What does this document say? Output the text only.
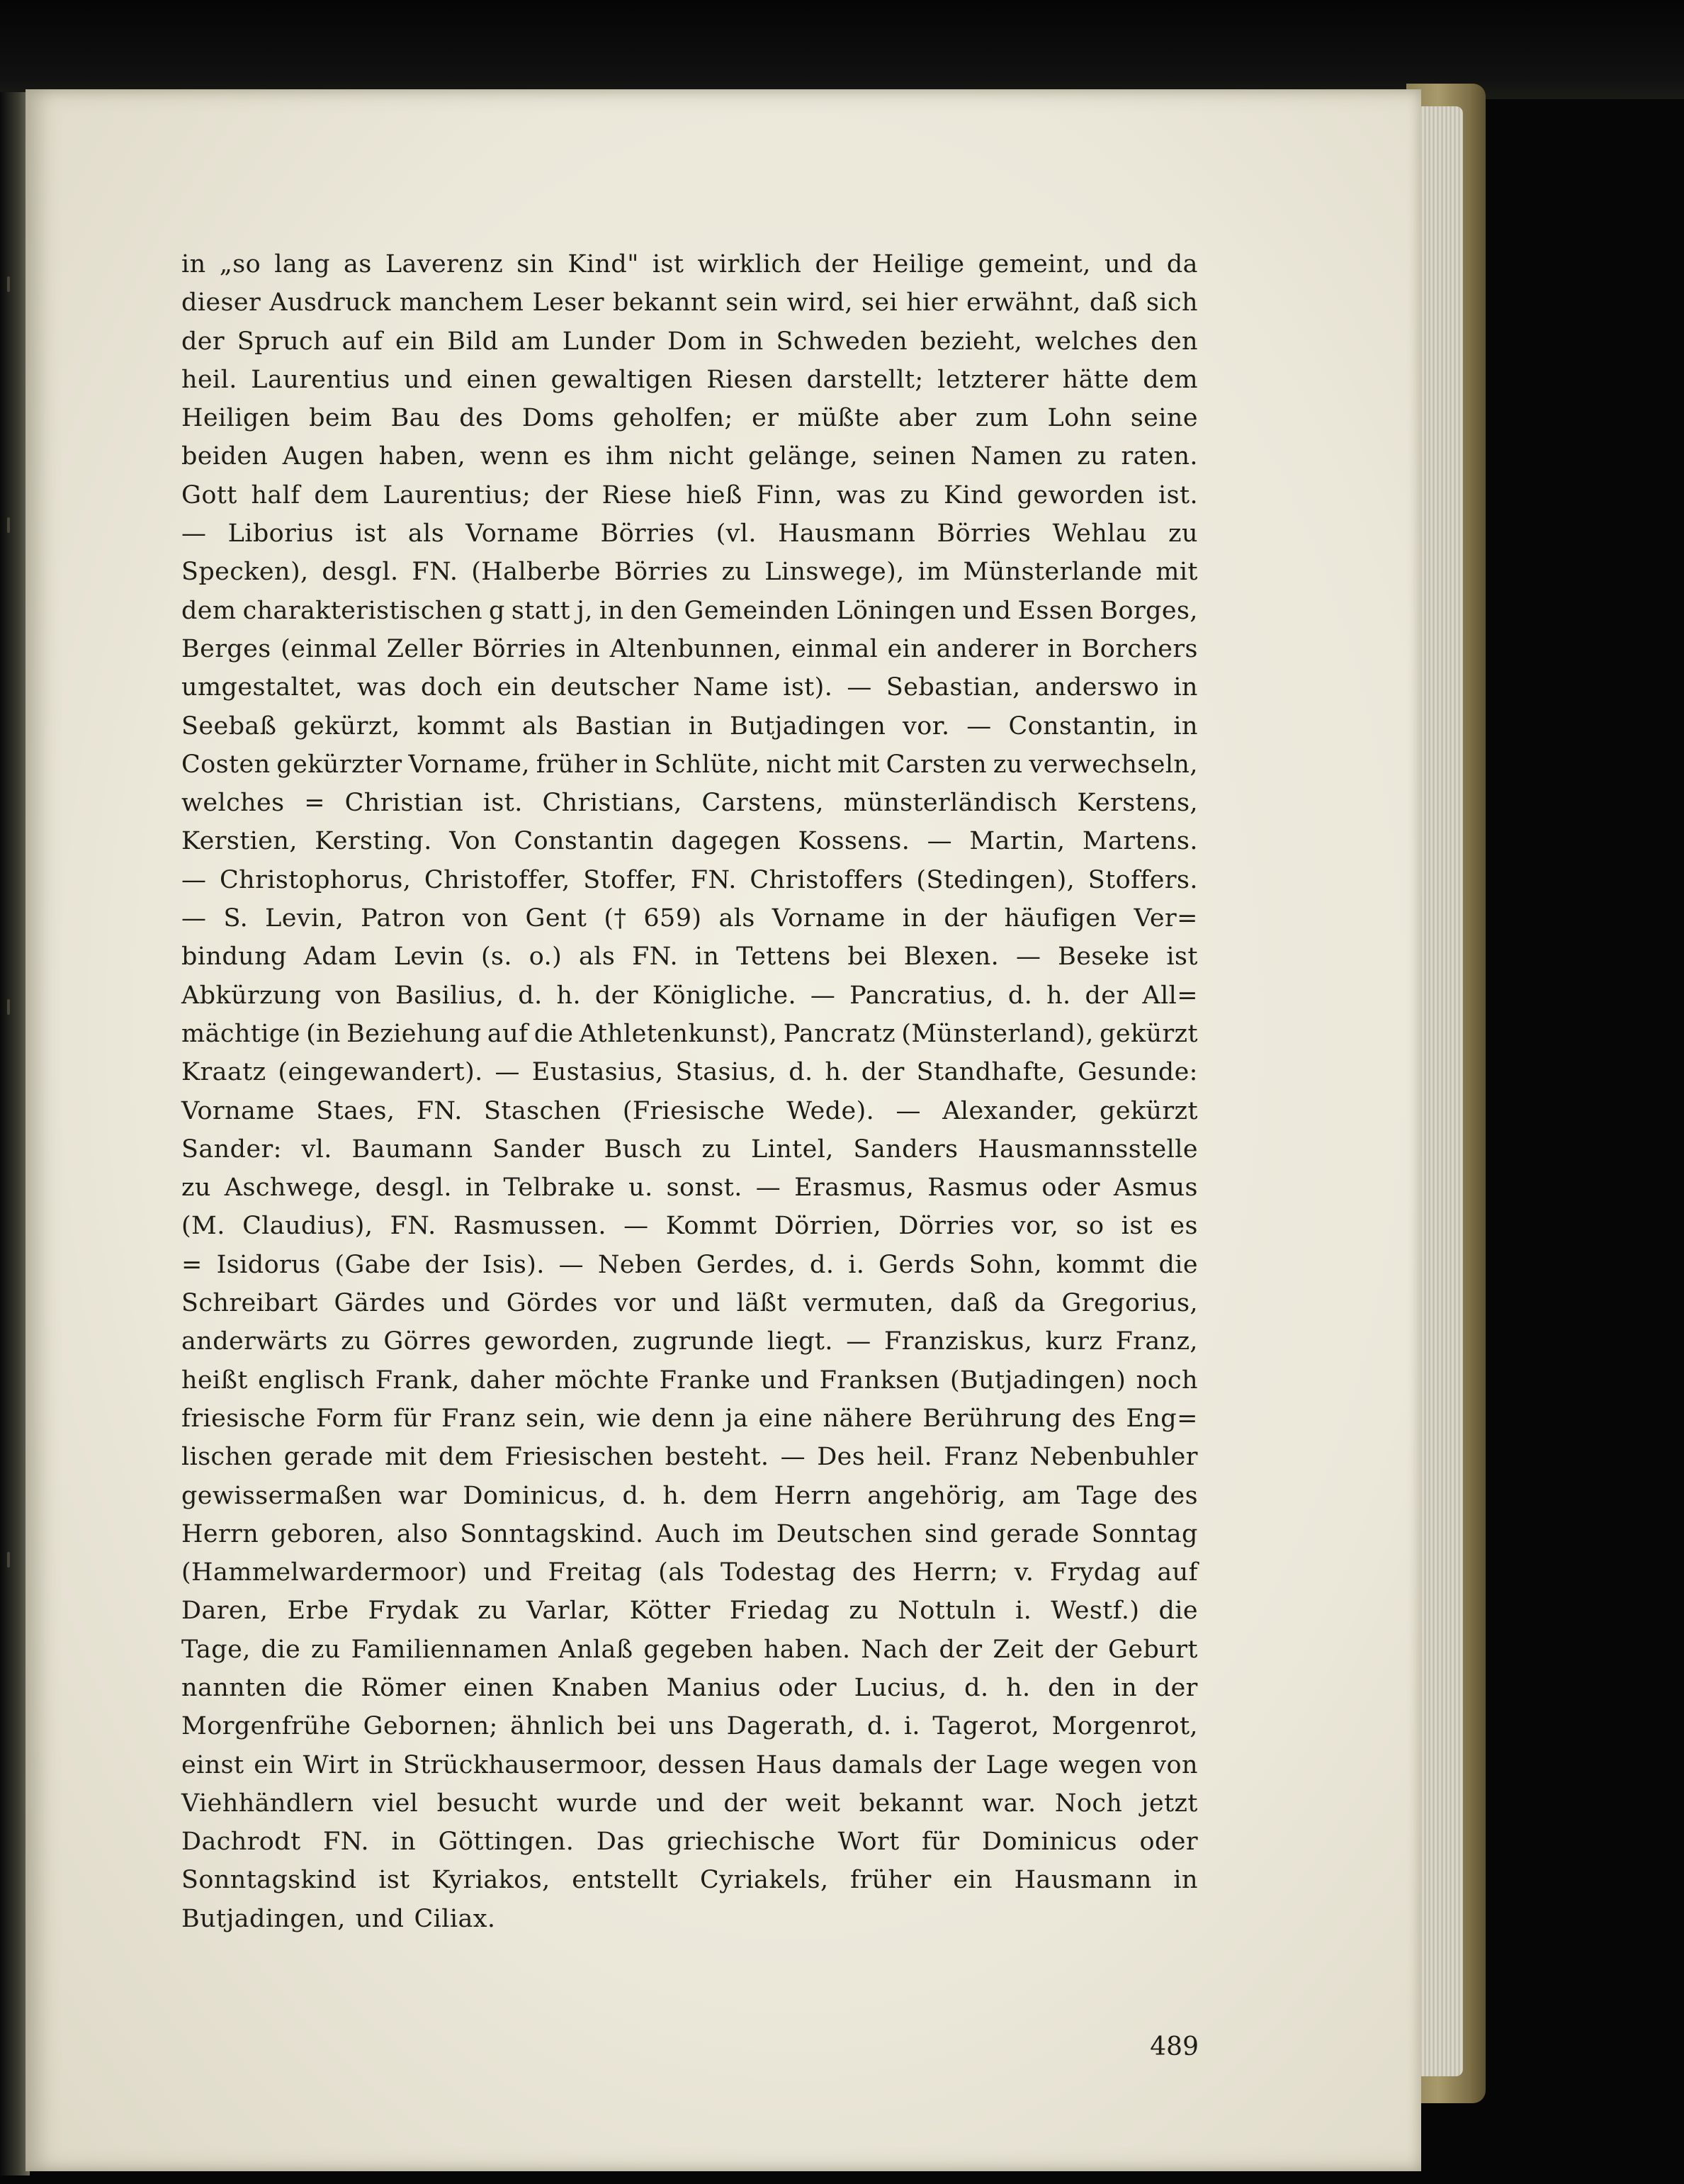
in „so lang as Laverenz sin Kind" ist wirklich der Heilige gemeint, und da
dieser Ausdruck manchem Leser bekannt sein wird, sei hier erwähnt, daß sich
der Spruch auf ein Bild am Lunder Dom in Schweden bezieht, welches den
heil. Laurentius und einen gewaltigen Riesen darstellt; letzterer hätte dem
Heiligen beim Bau des Doms geholfen; er müßte aber zum Lohn seine
beiden Augen haben, wenn es ihm nicht gelänge, seinen Namen zu raten.
Gott half dem Laurentius; der Riese hieß Finn, was zu Kind geworden ist.
— Liborius ist als Vorname Börries (vl. Hausmann Börries Wehlau zu
Specken), desgl. FN. (Halberbe Börries zu Linswege), im Münsterlande mit
dem charakteristischen g statt j, in den Gemeinden Löningen und Essen Borges,
Berges (einmal Zeller Börries in Altenbunnen, einmal ein anderer in Borchers
umgestaltet, was doch ein deutscher Name ist). — Sebastian, anderswo in
Seebaß gekürzt, kommt als Bastian in Butjadingen vor. — Constantin, in
Costen gekürzter Vorname, früher in Schlüte, nicht mit Carsten zu verwechseln,
welches = Christian ist. Christians, Carstens, münsterländisch Kerstens,
Kerstien, Kersting. Von Constantin dagegen Kossens. — Martin, Martens.
— Christophorus, Christoffer, Stoffer, FN. Christoffers (Stedingen), Stoffers.
— S. Levin, Patron von Gent († 659) als Vorname in der häufigen Ver=
bindung Adam Levin (s. o.) als FN. in Tettens bei Blexen. — Beseke ist
Abkürzung von Basilius, d. h. der Königliche. — Pancratius, d. h. der All=
mächtige (in Beziehung auf die Athletenkunst), Pancratz (Münsterland), gekürzt
Kraatz (eingewandert). — Eustasius, Stasius, d. h. der Standhafte, Gesunde:
Vorname Staes, FN. Staschen (Friesische Wede). — Alexander, gekürzt
Sander: vl. Baumann Sander Busch zu Lintel, Sanders Hausmannsstelle
zu Aschwege, desgl. in Telbrake u. sonst. — Erasmus, Rasmus oder Asmus
(M. Claudius), FN. Rasmussen. — Kommt Dörrien, Dörries vor, so ist es
= Isidorus (Gabe der Isis). — Neben Gerdes, d. i. Gerds Sohn, kommt die
Schreibart Gärdes und Gördes vor und läßt vermuten, daß da Gregorius,
anderwärts zu Görres geworden, zugrunde liegt. — Franziskus, kurz Franz,
heißt englisch Frank, daher möchte Franke und Franksen (Butjadingen) noch
friesische Form für Franz sein, wie denn ja eine nähere Berührung des Eng=
lischen gerade mit dem Friesischen besteht. — Des heil. Franz Nebenbuhler
gewissermaßen war Dominicus, d. h. dem Herrn angehörig, am Tage des
Herrn geboren, also Sonntagskind. Auch im Deutschen sind gerade Sonntag
(Hammelwardermoor) und Freitag (als Todestag des Herrn; v. Frydag auf
Daren, Erbe Frydak zu Varlar, Kötter Friedag zu Nottuln i. Westf.) die
Tage, die zu Familiennamen Anlaß gegeben haben. Nach der Zeit der Geburt
nannten die Römer einen Knaben Manius oder Lucius, d. h. den in der
Morgenfrühe Gebornen; ähnlich bei uns Dagerath, d. i. Tagerot, Morgenrot,
einst ein Wirt in Strückhausermoor, dessen Haus damals der Lage wegen von
Viehhändlern viel besucht wurde und der weit bekannt war. Noch jetzt
Dachrodt FN. in Göttingen. Das griechische Wort für Dominicus oder
Sonntagskind ist Kyriakos, entstellt Cyriakels, früher ein Hausmann in
Butjadingen, und Ciliax.
489
